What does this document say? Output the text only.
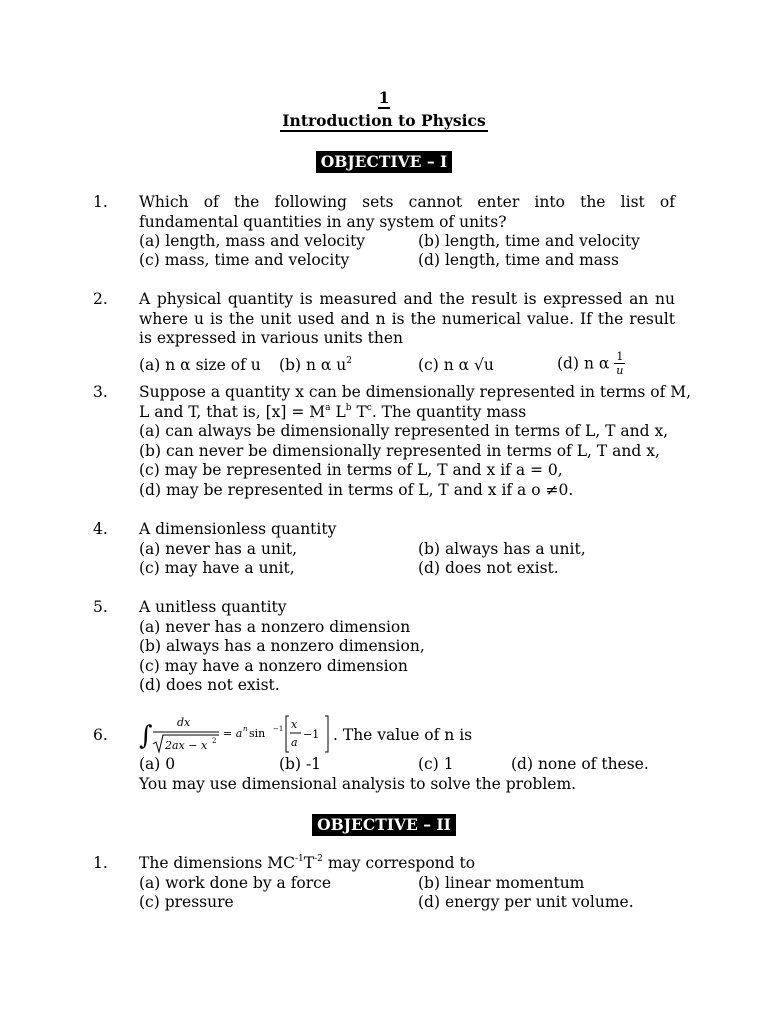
1
Introduction to Physics
OBJECTIVE – I
1. Which of the following sets cannot enter into the list of fundamental quantities in any system of units?
(a) length, mass and velocity	(b) length, time and velocity
(c) mass, time and velocity	(d) length, time and mass
2. A physical quantity is measured and the result is expressed an nu where u is the unit used and n is the numerical value. If the result is expressed in various units then
(a) n α size of u (b) n α $u^2$	(c) n α √u	(d) n α $\frac{1}{u}$
3. Suppose a quantity x can be dimensionally represented in terms of M,
L and T, that is, $[x] = M^a$ $L^b$ $T^c$. The quantity mass
(a) can always be dimensionally represented in terms of L, T and x,
(b) can never be dimensionally represented in terms of L, T and x,
(c) may be represented in terms of L, T and x if a = 0,
(d) may be represented in terms of L, T and x if a o ≠0.
4. A dimensionless quantity
(a) never has a unit,	(b) always has a unit,
(c) may have a unit,	(d) does not exist.
5. A unitless quantity
(a) never has a nonzero dimension
(b) always has a nonzero dimension,
(c) may have a nonzero dimension
(d) does not exist.
6. ∫ dx
2ax − x 2
= a n sin −1 x
a
−1 . The value of n is
(a) 0	(b) -1	(c) 1	(d) none of these.
You may use dimensional analysis to solve the problem.
OBJECTIVE – II
1. The dimensions $MC^{-1}T^{-2}$ may correspond to
(a) work done by a force	(b) linear momentum
(c) pressure	(d) energy per unit volume.
